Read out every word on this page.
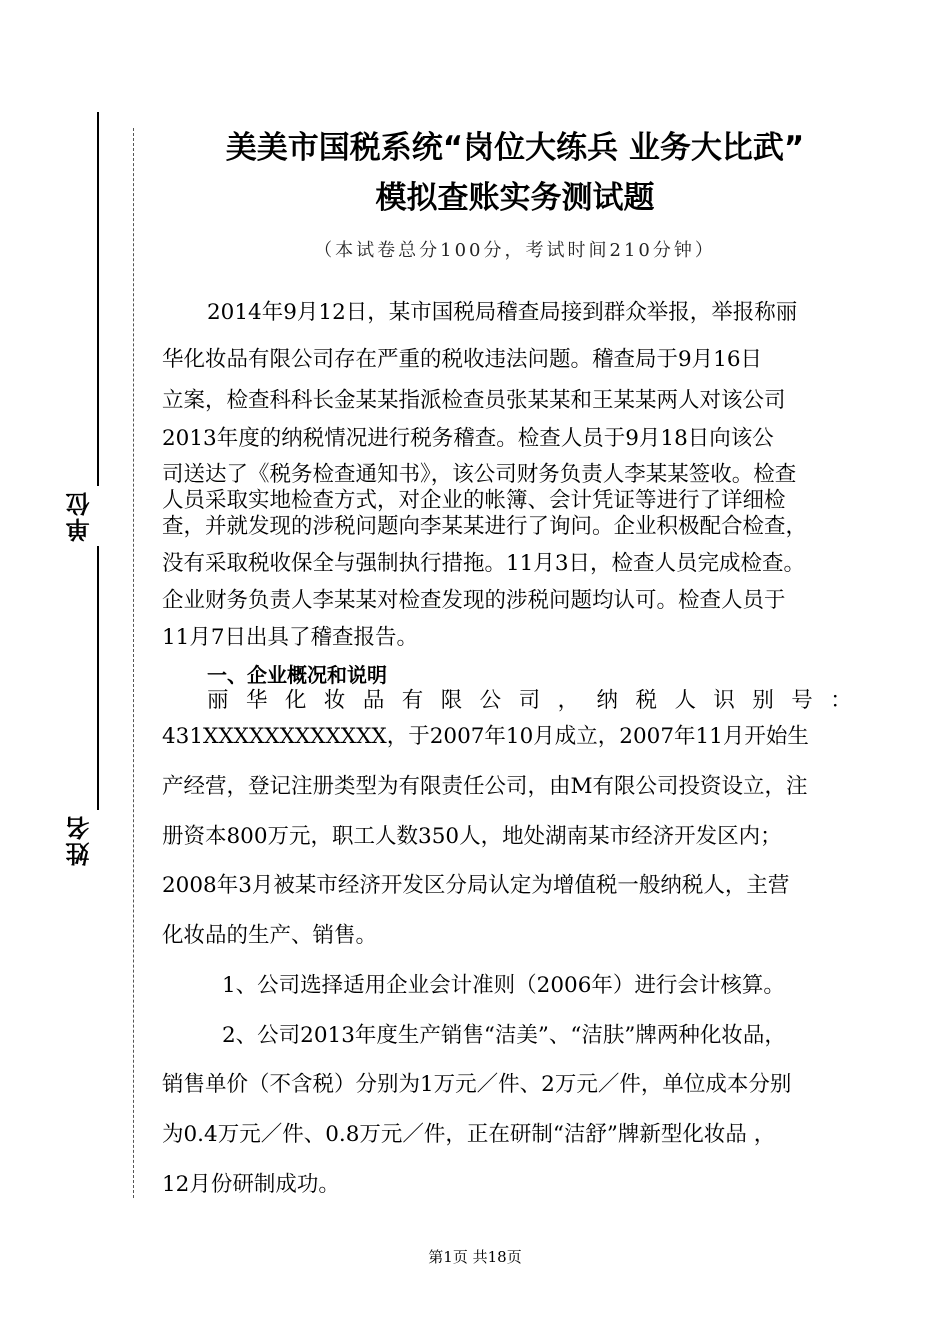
单位
姓名
美美市国税系统“岗位大练兵 业务大比武”
模拟查账实务测试题
（本试卷总分100分，考试时间210分钟）
2014年9月12日，某市国税局稽查局接到群众举报，举报称丽
华化妆品有限公司存在严重的税收违法问题。稽查局于9月16日
立案，检查科科长金某某指派检查员张某某和王某某两人对该公司
2013年度的纳税情况进行税务稽查。检查人员于9月18日向该公
司送达了《税务检查通知书》，该公司财务负责人李某某签收。检查
人员采取实地检查方式，对企业的帐簿、会计凭证等进行了详细检
查，并就发现的涉税问题向李某某进行了询问。企业积极配合检查，
没有采取税收保全与强制执行措拖。11月3日，检查人员完成检查。
企业财务负责人李某某对检查发现的涉税问题均认可。检查人员于
11月7日出具了稽查报告。
一、企业概况和说明
丽 华 化 妆 品 有 限 公 司 ， 纳 税 人 识 别 号 ：
431XXXXXXXXXXXX，于2007年10月成立，2007年11月开始生
产经营，登记注册类型为有限责任公司，由M有限公司投资设立，注
册资本800万元，职工人数350人，地处湖南某市经济开发区内；
2008年3月被某市经济开发区分局认定为增值税一般纳税人，主营
化妆品的生产、销售。
1、公司选择适用企业会计准则（2006年）进行会计核算。
2、公司2013年度生产销售“洁美”、“洁肤”牌两种化妆品，
销售单价（不含税）分别为1万元／件、2万元／件，单位成本分别
为0.4万元／件、0.8万元／件，正在研制“洁舒”牌新型化妆品 ，
12月份研制成功。
第1页 共18页
